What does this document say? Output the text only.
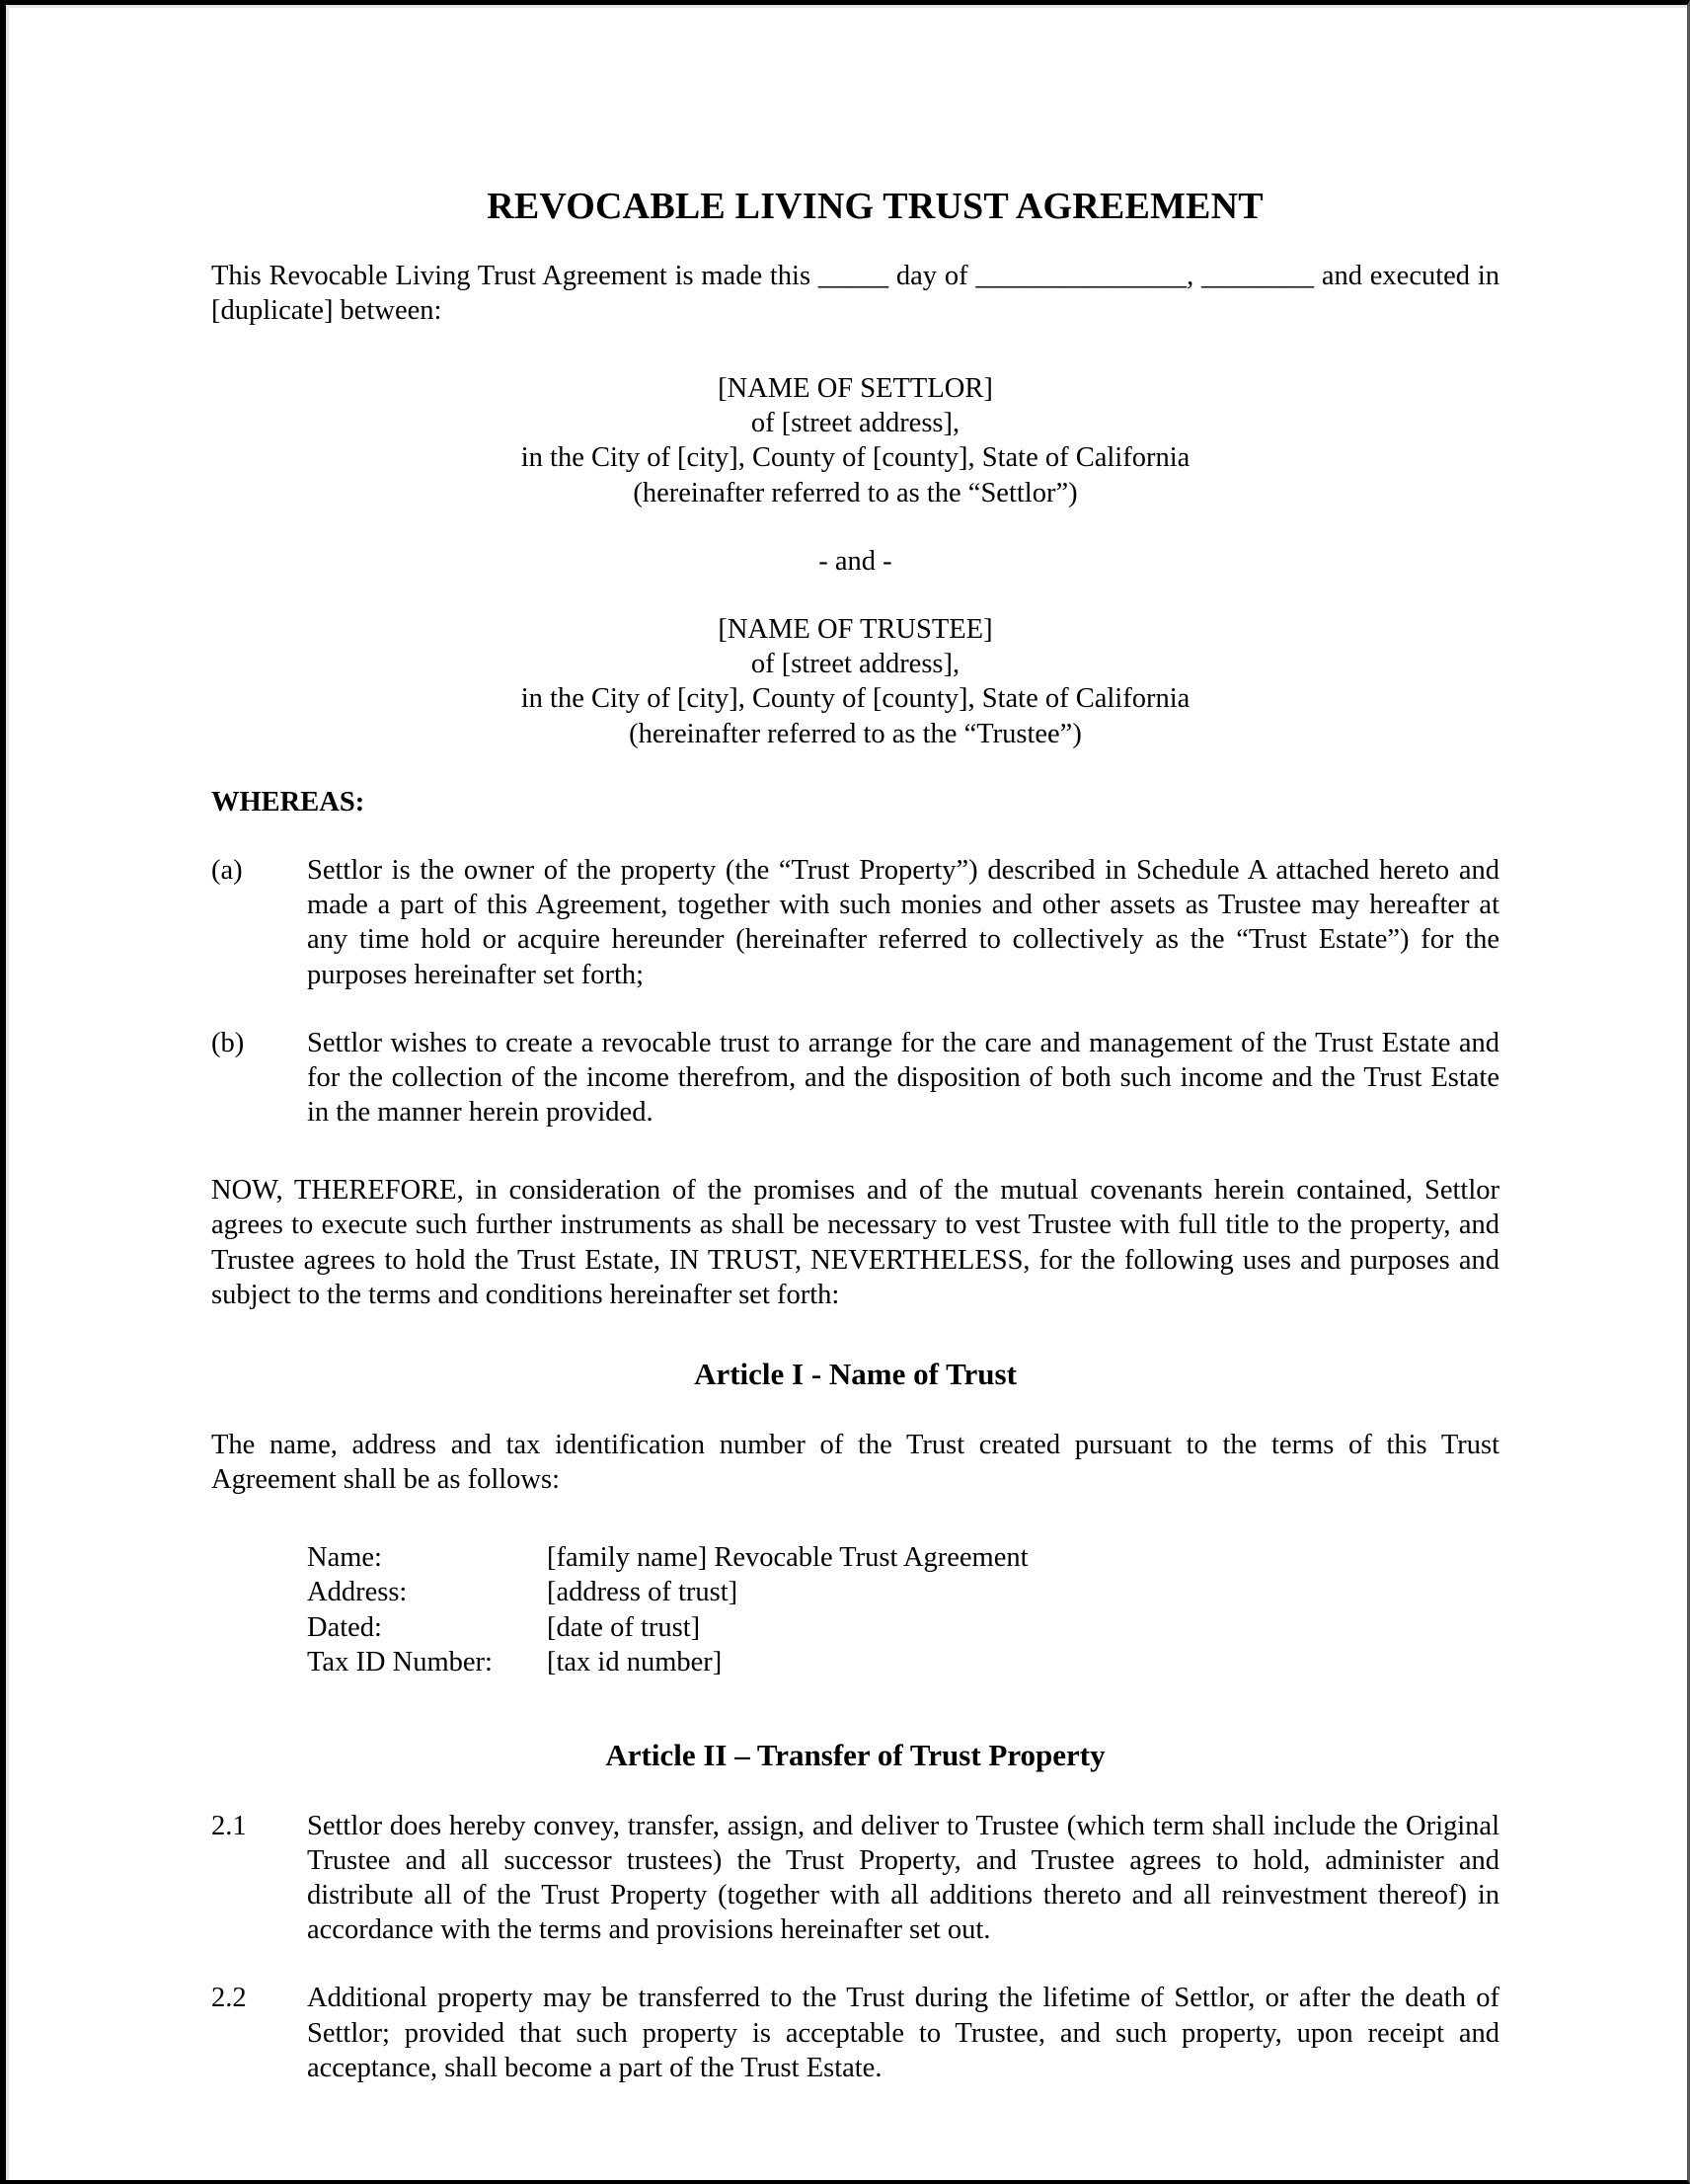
REVOCABLE LIVING TRUST AGREEMENT

This Revocable Living Trust Agreement is made this _____ day of _______________, ________ and executed in [duplicate] between:

[NAME OF SETTLOR]

of [street address],

in the City of [city], County of [county], State of California

(hereinafter referred to as the “Settlor”)

- and -

[NAME OF TRUSTEE]

of [street address],

in the City of [city], County of [county], State of California

(hereinafter referred to as the “Trustee”)

WHEREAS:

(a)	Settlor is the owner of the property (the “Trust Property”) described in Schedule A attached hereto and made a part of this Agreement, together with such monies and other assets as Trustee may hereafter at any time hold or acquire hereunder (hereinafter referred to collectively as the “Trust Estate”) for the purposes hereinafter set forth;
(b)	Settlor wishes to create a revocable trust to arrange for the care and management of the Trust Estate and for the collection of the income therefrom, and the disposition of both such income and the Trust Estate in the manner herein provided.

NOW, THEREFORE, in consideration of the promises and of the mutual covenants herein contained, Settlor agrees to execute such further instruments as shall be necessary to vest Trustee with full title to the property, and Trustee agrees to hold the Trust Estate, IN TRUST, NEVERTHELESS, for the following uses and purposes and subject to the terms and conditions hereinafter set forth:

Article I - Name of Trust

The name, address and tax identification number of the Trust created pursuant to the terms of this Trust Agreement shall be as follows:

Name:	[family name] Revocable Trust Agreement
Address:	[address of trust]
Dated:	[date of trust]
Tax ID Number:	[tax id number]
Article II – Transfer of Trust Property
2.1	Settlor does hereby convey, transfer, assign, and deliver to Trustee (which term shall include the Original Trustee and all successor trustees) the Trust Property, and Trustee agrees to hold, administer and distribute all of the Trust Property (together with all additions thereto and all reinvestment thereof) in accordance with the terms and provisions hereinafter set out.
2.2	Additional property may be transferred to the Trust during the lifetime of Settlor, or after the death of Settlor; provided that such property is acceptable to Trustee, and such property, upon receipt and acceptance, shall become a part of the Trust Estate.
